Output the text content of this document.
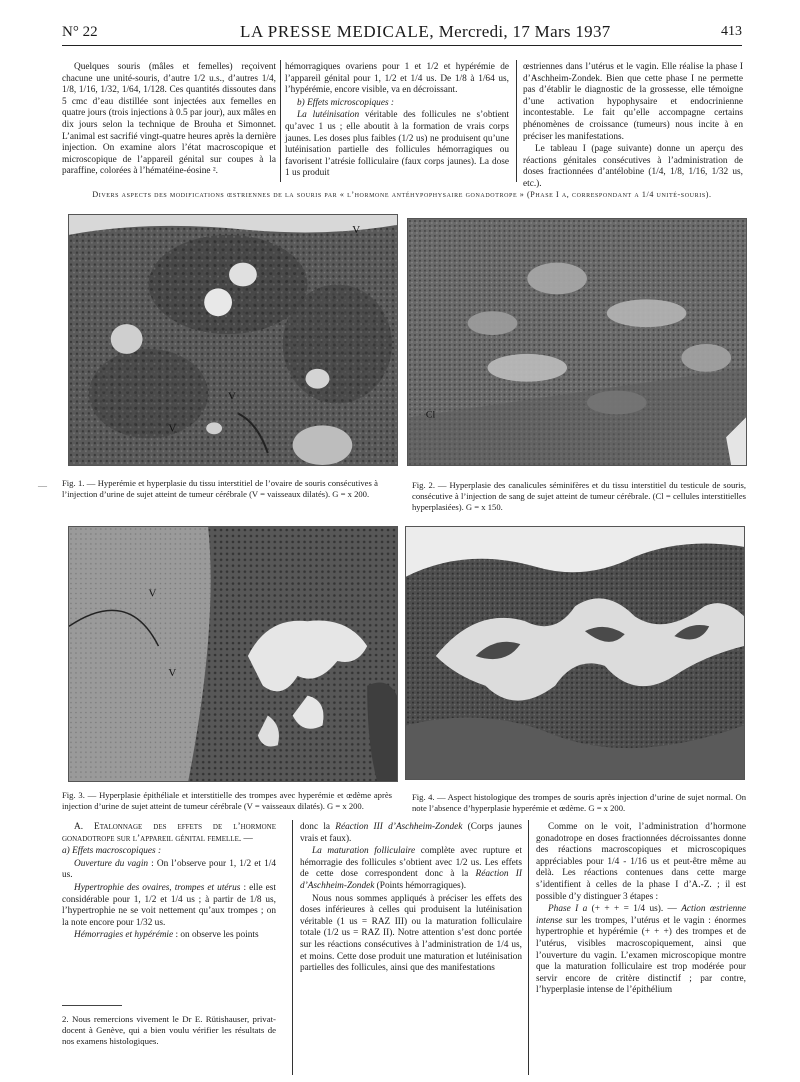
N° 22	LA PRESSE MEDICALE, Mercredi, 17 Mars 1937	413

Quelques souris (mâles et femelles) reçoivent chacune une unité-souris, d’autre 1/2 u.s., d’autres 1/4, 1/8, 1/16, 1/32, 1/64, 1/128. Ces quantités dissoutes dans 5 cmc d’eau distillée sont injectées aux femelles en quatre jours (trois injections à 0.5 par jour), aux mâles en dix jours selon la technique de Brouha et Simonnet. L’animal est sacrifié vingt-quatre heures après la dernière injection. On examine alors l’état macroscopique et microscopique de l’appareil génital sur coupes à la paraffine, colorées à l’hématéine-éosine ².

hémorragiques ovariens pour 1 et 1/2 et hypérémie de l’appareil génital pour 1, 1/2 et 1/4 us. De 1/8 à 1/64 us, l’hypérémie, encore visible, va en décroissant.

b) Effets microscopiques :

La lutéinisation véritable des follicules ne s’obtient qu’avec 1 us ; elle aboutit à la formation de vrais corps jaunes. Les doses plus faibles (1/2 us) ne produisent qu’une lutéinisation partielle des follicules hémorragiques ou favorisent l’atrésie folliculaire (faux corps jaunes). La dose 1 us produit

œstriennes dans l’utérus et le vagin. Elle réalise la phase I d’Aschheim-Zondek. Bien que cette phase I ne permette pas d’établir le diagnostic de la grossesse, elle témoigne d’une activation hypophysaire et endocrinienne incontestable. Le fait qu’elle accompagne certains phénomènes de croissance (tumeurs) nous incite à en préciser les manifestations.

Le tableau I (page suivante) donne un aperçu des réactions génitales consécutives à l’administration de doses fractionnées d’antélobine (1/4, 1/8, 1/16, 1/32 us, etc.).

Divers aspects des modifications œstriennes de la souris par « l’hormone antéhypophysaire gonadotrope » (Phase I a, correspondant a 1/4 unité-souris).
V
V
V
Fig. 1. — Hyperémie et hyperplasie du tissu interstitiel de l’ovaire de souris consécutives à l’injection d’urine de sujet atteint de tumeur cérébrale (V = vaisseaux dilatés). G = x 200.
Cl
Fig. 2. — Hyperplasie des canalicules séminifères et du tissu interstitiel du testicule de souris, consécutive à l’injection de sang de sujet atteint de tumeur cérébrale. (Cl = cellules interstitielles hyperplasiées). G = x 150.
—
V
V
Fig. 3. — Hyperplasie épithéliale et interstitielle des trompes avec hyperémie et œdème après injection d’urine de sujet atteint de tumeur cérébrale (V = vaisseaux dilatés). G = x 200.
Fig. 4. — Aspect histologique des trompes de souris après injection d’urine de sujet normal. On note l’absence d’hyperplasie hyperémie et œdème. G = x 200.

A. Etalonnage des effets de l’hormone gonadotrope sur l’appareil génital femelle. —

a) Effets macroscopiques :

Ouverture du vagin : On l’observe pour 1, 1/2 et 1/4 us.

Hypertrophie des ovaires, trompes et utérus : elle est considérable pour 1, 1/2 et 1/4 us ; à partir de 1/8 us, l’hypertrophie ne se voit nettement qu’aux trompes ; on la note encore pour 1/32 us.

Hémorragies et hypérémie : on observe les points

donc la Réaction III d’Aschheim-Zondek (Corps jaunes vrais et faux).

La maturation folliculaire complète avec rupture et hémorragie des follicules s’obtient avec 1/2 us. Les effets de cette dose correspondent donc à la Réaction II d’Aschheim-Zondek (Points hémorragiques).

Nous nous sommes appliqués à préciser les effets des doses inférieures à celles qui produisent la lutéinisation véritable (1 us = RAZ III) ou la maturation folliculaire totale (1/2 us = RAZ II). Notre attention s’est donc portée sur les réactions consécutives à l’administration de 1/4 us, et moins. Cette dose produit une maturation et lutéinisation partielles des follicules, ainsi que des manifestations

Comme on le voit, l’administration d’hormone gonadotrope en doses fractionnées décroissantes donne des réactions macroscopiques et microscopiques appréciables pour 1/4 - 1/16 us et peut-être même au delà. Les réactions contenues dans cette marge s’identifient à celles de la phase I d’A.-Z. ; il est possible d’y distinguer 3 étapes :

Phase I a (+ + + = 1/4 us). — Action œstrienne intense sur les trompes, l’utérus et le vagin : énormes hypertrophie et hypérémie (+ + +) des trompes et de l’utérus, visibles macroscopiquement, ainsi que l’ouverture du vagin. L’examen microscopique montre que la maturation folliculaire est trop modérée pour servir encore de critère distinctif ; par contre, l’hyperplasie intense de l’épithélium

2. Nous remercions vivement le Dr E. Rütishauser, privat-docent à Genève, qui a bien voulu vérifier les résultats de nos examens histologiques.
